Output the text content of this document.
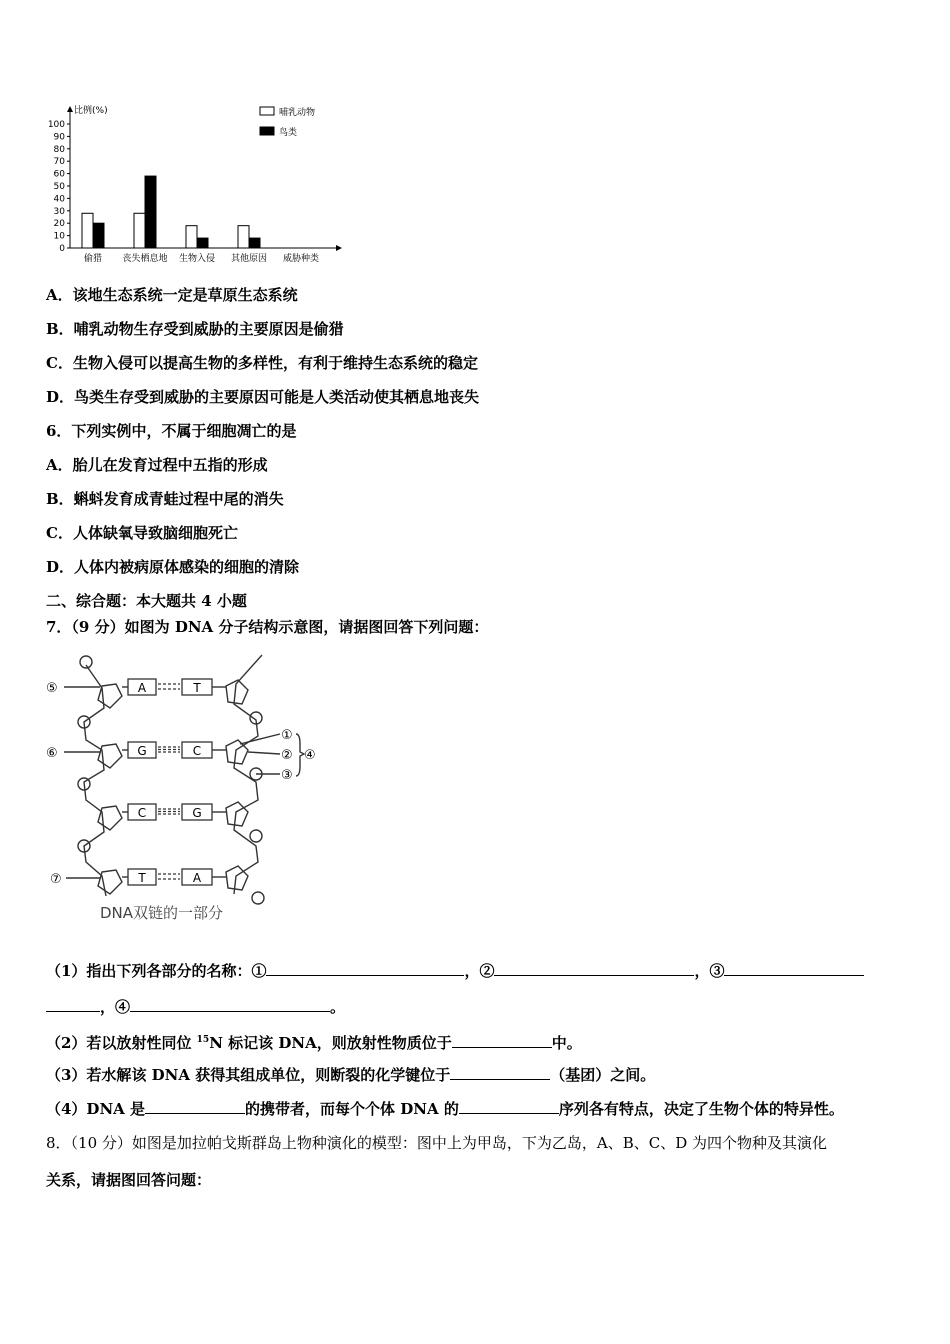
比例(%)
100
90
80
70
60
50
40
30
20
10
0
偷猎 丧失栖息地 生物入侵 其他原因 威胁种类
哺乳动物
鸟类
A．该地生态系统一定是草原生态系统
B．哺乳动物生存受到威胁的主要原因是偷猎
C．生物入侵可以提高生物的多样性，有利于维持生态系统的稳定
D．鸟类生存受到威胁的主要原因可能是人类活动使其栖息地丧失
6．下列实例中，不属于细胞凋亡的是
A．胎儿在发育过程中五指的形成
B．蝌蚪发育成青蛙过程中尾的消失
C．人体缺氧导致脑细胞死亡
D．人体内被病原体感染的细胞的清除
二、综合题：本大题共 4 小题
7．（9 分）如图为 DNA 分子结构示意图，请据图回答下列问题：
A	T
G	C
C	G
T	A
⑤
⑥
⑦
①
②
③
④
DNA双链的一部分
（1）指出下列各部分的名称：①	，②	，③
，④	。
（2）若以放射性同位 $^{15}$N 标记该 DNA，则放射性物质位于	中。
（3）若水解该 DNA 获得其组成单位，则断裂的化学键位于	（基团）之间。
（4）DNA 是	的携带者，而每个个体 DNA 的	序列各有特点，决定了生物个体的特异性。
8．（10 分）如图是加拉帕戈斯群岛上物种演化的模型：图中上为甲岛，下为乙岛，A、B、C、D 为四个物种及其演化
关系，请据图回答问题：
